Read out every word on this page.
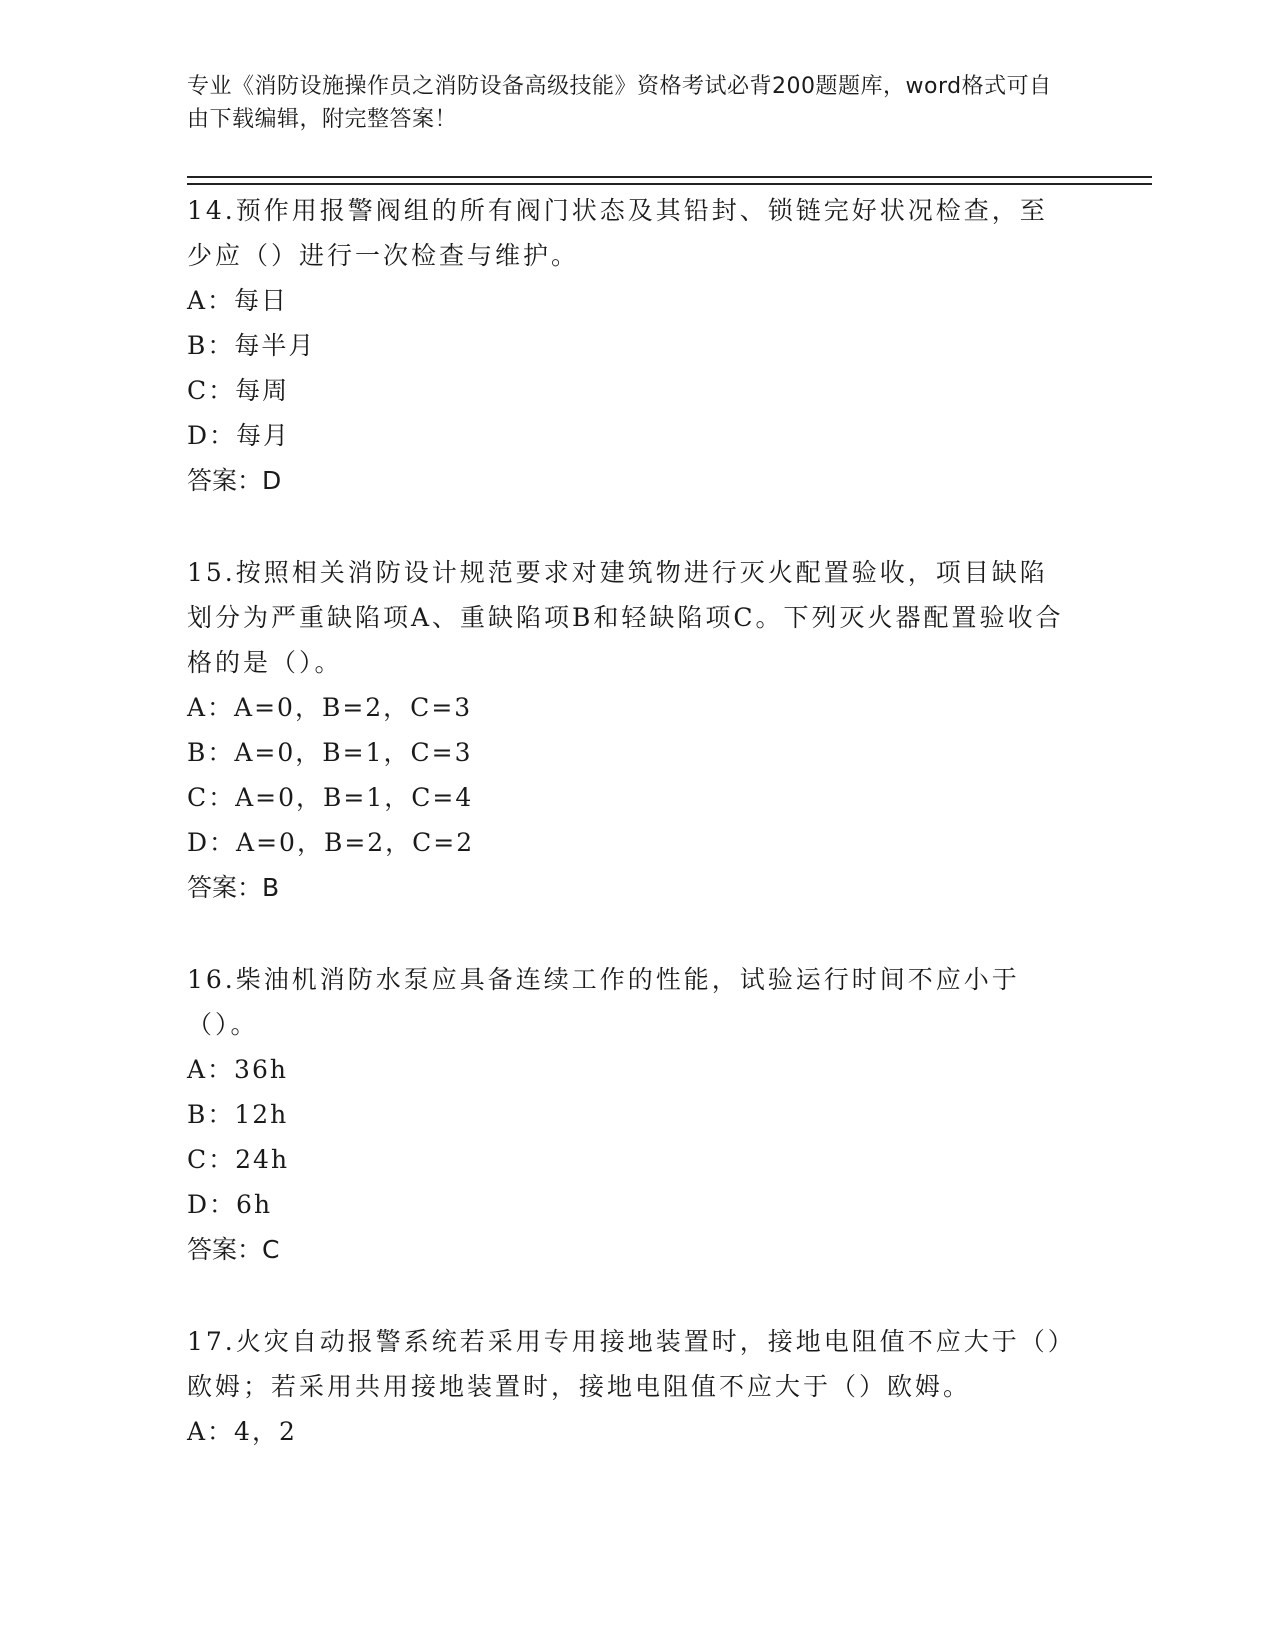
专业《消防设施操作员之消防设备高级技能》资格考试必背200题题库，word格式可自由下载编辑，附完整答案！

14.预作用报警阀组的所有阀门状态及其铅封、锁链完好状况检查，至少应（）进行一次检查与维护。

A：每日

B：每半月

C：每周

D：每月

答案：D

15.按照相关消防设计规范要求对建筑物进行灭火配置验收，项目缺陷划分为严重缺陷项A、重缺陷项B和轻缺陷项C。下列灭火器配置验收合格的是（）。

A：A=0，B=2，C=3

B：A=0，B=1，C=3

C：A=0，B=1，C=4

D：A=0，B=2，C=2

答案：B

16.柴油机消防水泵应具备连续工作的性能，试验运行时间不应小于（）。

A：36h

B：12h

C：24h

D：6h

答案：C

17.火灾自动报警系统若采用专用接地装置时，接地电阻值不应大于（）欧姆；若采用共用接地装置时，接地电阻值不应大于（）欧姆。

A：4，2
